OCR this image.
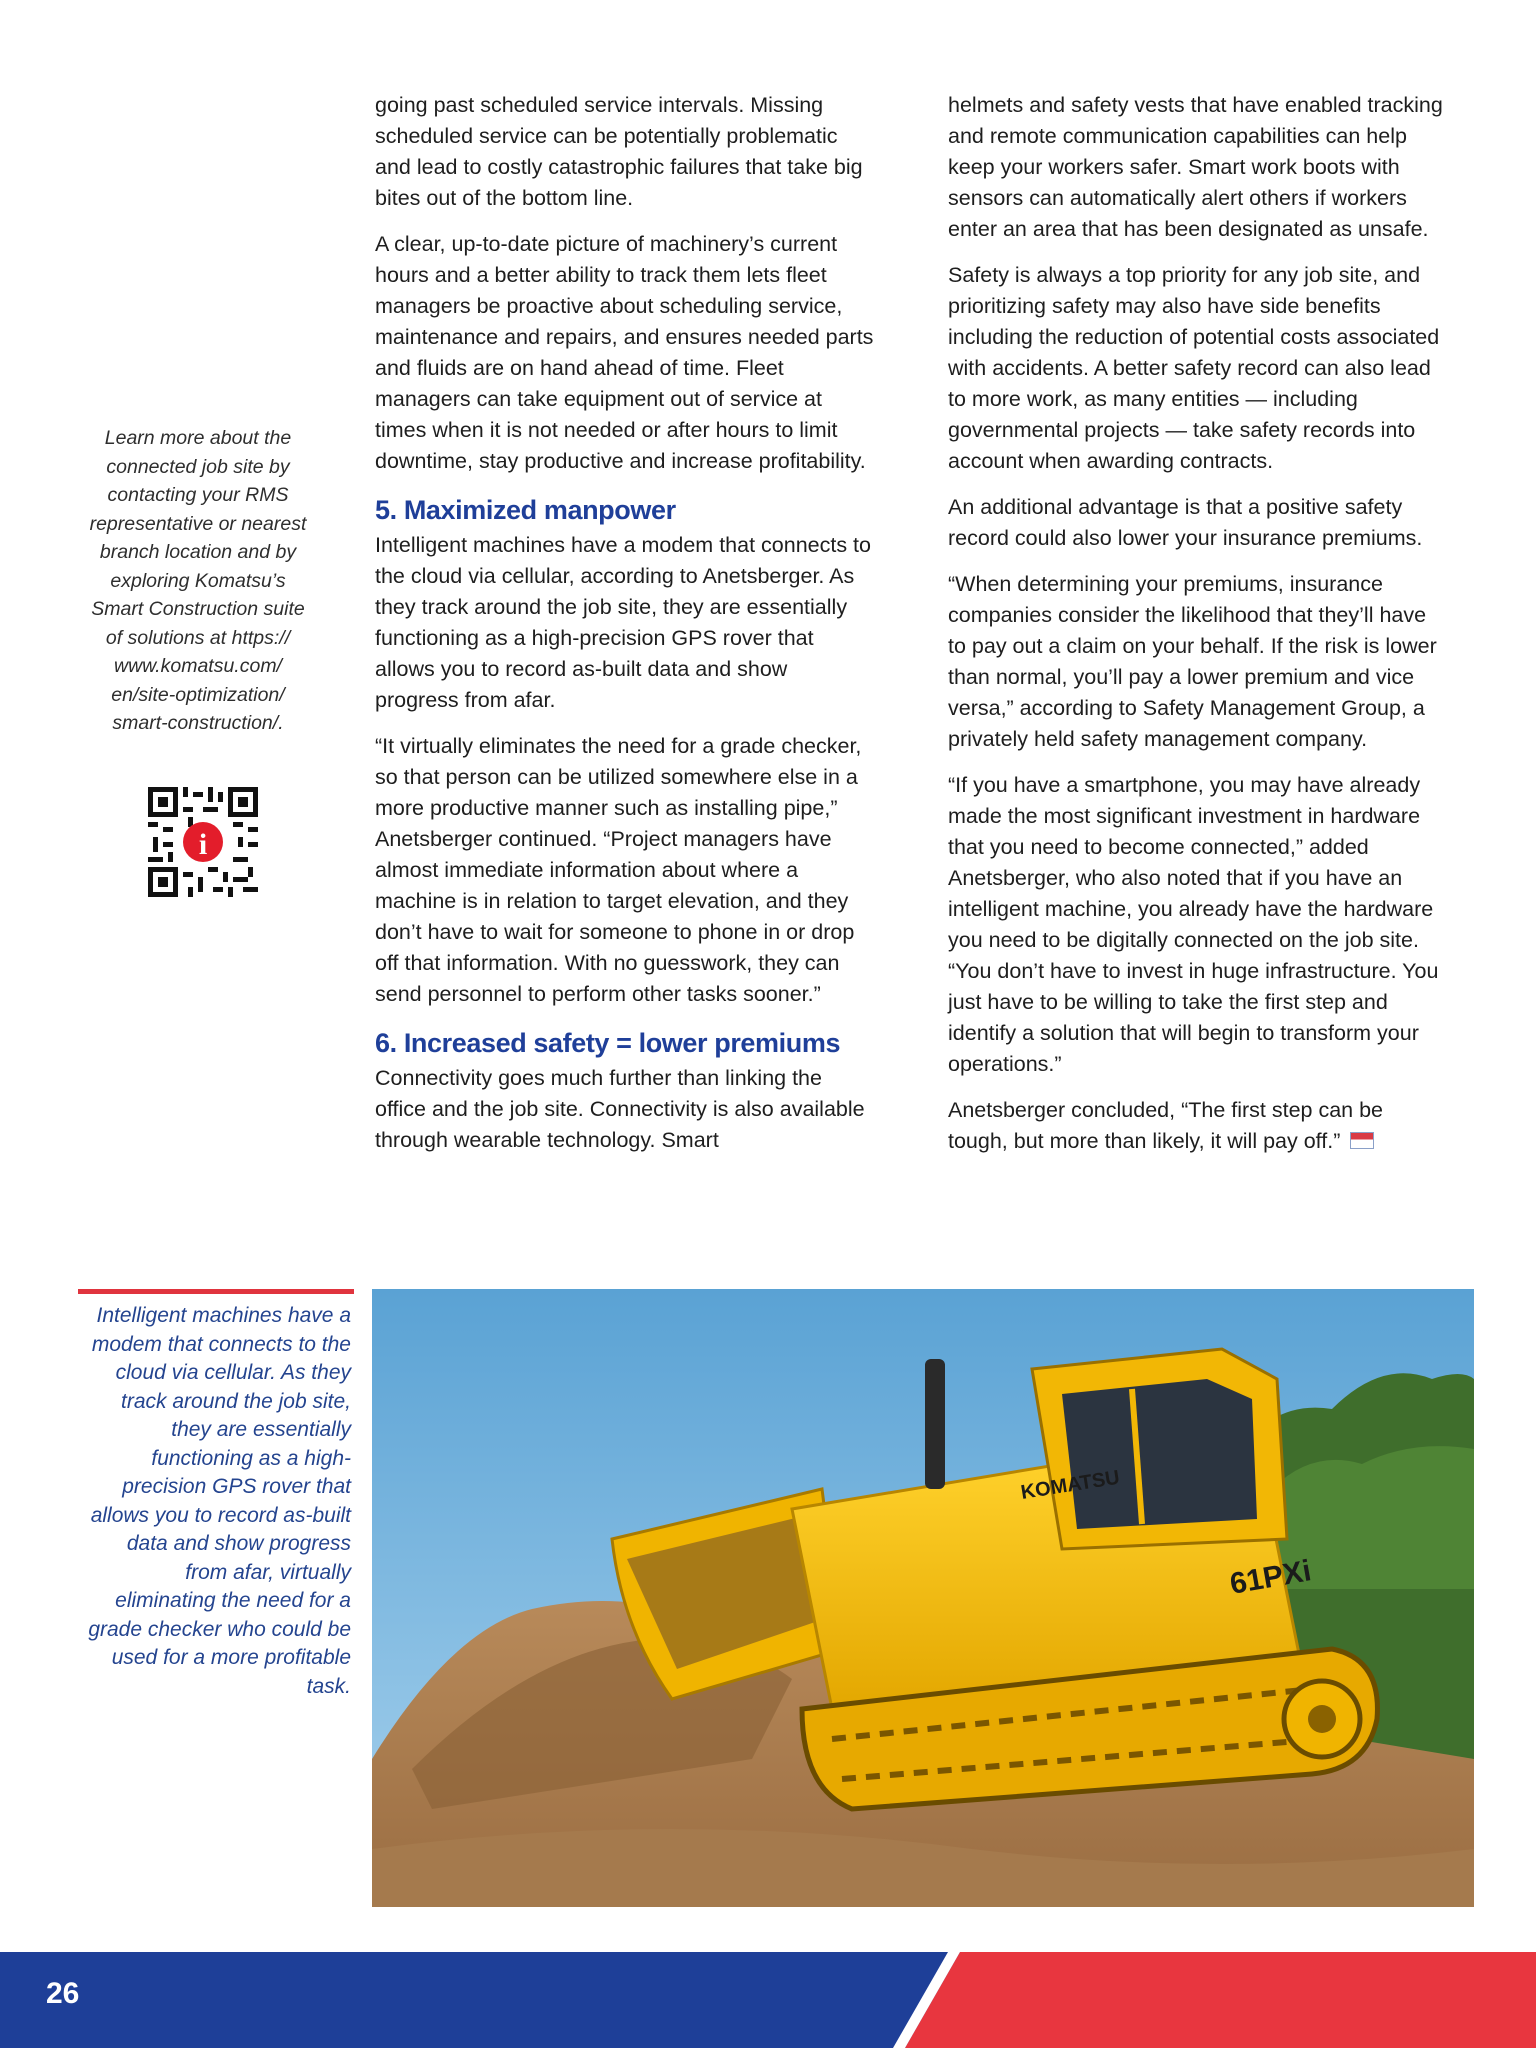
Learn more about the connected job site by contacting your RMS representative or nearest branch location and by exploring Komatsu’s Smart Construction suite of solutions at https:// www.komatsu.com/ en/site-optimization/ smart-construction/.
i

going past scheduled service intervals. Missing scheduled service can be potentially problematic and lead to costly catastrophic failures that take big bites out of the bottom line.

A clear, up-to-date picture of machinery’s current hours and a better ability to track them lets fleet managers be proactive about scheduling service, maintenance and repairs, and ensures needed parts and fluids are on hand ahead of time. Fleet managers can take equipment out of service at times when it is not needed or after hours to limit downtime, stay productive and increase profitability.

5. Maximized manpower

Intelligent machines have a modem that connects to the cloud via cellular, according to Anetsberger. As they track around the job site, they are essentially functioning as a high-precision GPS rover that allows you to record as-built data and show progress from afar.

“It virtually eliminates the need for a grade checker, so that person can be utilized somewhere else in a more productive manner such as installing pipe,” Anetsberger continued. “Project managers have almost immediate information about where a machine is in relation to target elevation, and they don’t have to wait for someone to phone in or drop off that information. With no guesswork, they can send personnel to perform other tasks sooner.”

6. Increased safety = lower premiums

Connectivity goes much further than linking the office and the job site. Connectivity is also available through wearable technology. Smart

helmets and safety vests that have enabled tracking and remote communication capabilities can help keep your workers safer. Smart work boots with sensors can automatically alert others if workers enter an area that has been designated as unsafe.

Safety is always a top priority for any job site, and prioritizing safety may also have side benefits including the reduction of potential costs associated with accidents. A better safety record can also lead to more work, as many entities — including governmental projects — take safety records into account when awarding contracts.

An additional advantage is that a positive safety record could also lower your insurance premiums.

“When determining your premiums, insurance companies consider the likelihood that they’ll have to pay out a claim on your behalf. If the risk is lower than normal, you’ll pay a lower premium and vice versa,” according to Safety Management Group, a privately held safety management company.

“If you have a smartphone, you may have already made the most significant investment in hardware that you need to become connected,” added Anetsberger, who also noted that if you have an intelligent machine, you already have the hardware you need to be digitally connected on the job site. “You don’t have to invest in huge infrastructure. You just have to be willing to take the first step and identify a solution that will begin to transform your operations.”

Anetsberger concluded, “The first step can be tough, but more than likely, it will pay off.”

Intelligent machines have a modem that connects to the cloud via cellular. As they track around the job site, they are essentially functioning as a high-precision GPS rover that allows you to record as-built data and show progress from afar, virtually eliminating the need for a grade checker who could be used for a more profitable task.
KOMATSU
61PXi
26
